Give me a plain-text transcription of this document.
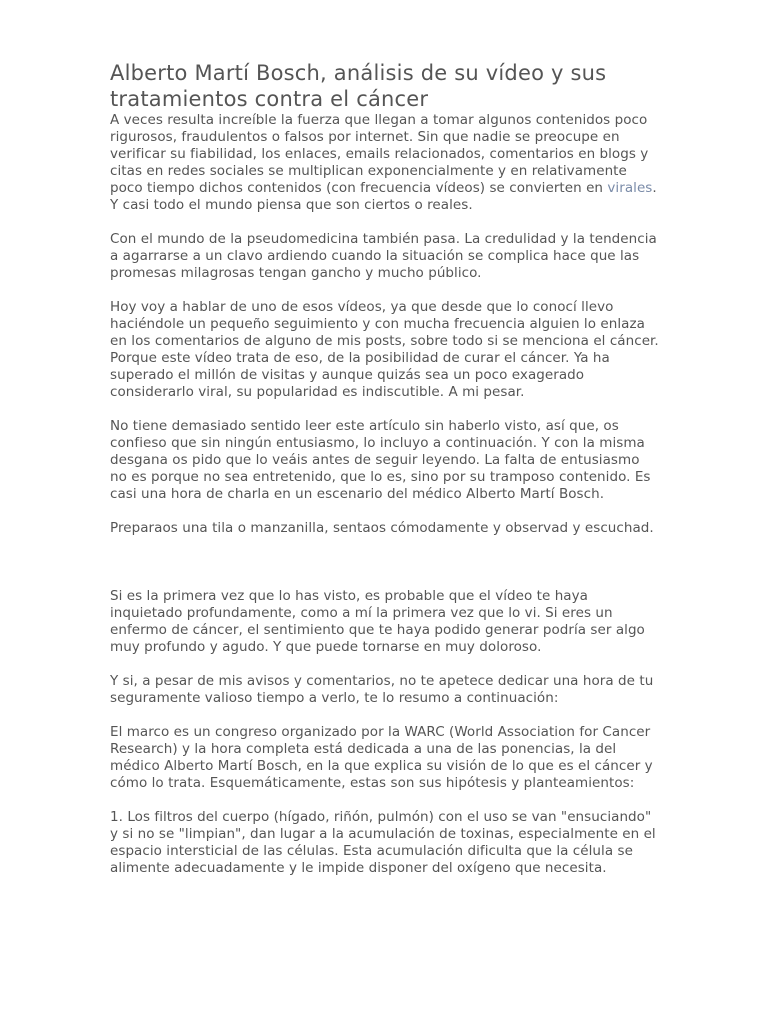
Alberto Martí Bosch, análisis de su vídeo y sus tratamientos contra el cáncer

A veces resulta increíble la fuerza que llegan a tomar algunos contenidos poco rigurosos, fraudulentos o falsos por internet. Sin que nadie se preocupe en verificar su fiabilidad, los enlaces, emails relacionados, comentarios en blogs y citas en redes sociales se multiplican exponencialmente y en relativamente poco tiempo dichos contenidos (con frecuencia vídeos) se convierten en virales. Y casi todo el mundo piensa que son ciertos o reales.

Con el mundo de la pseudomedicina también pasa. La credulidad y la tendencia a agarrarse a un clavo ardiendo cuando la situación se complica hace que las promesas milagrosas tengan gancho y mucho público.

Hoy voy a hablar de uno de esos vídeos, ya que desde que lo conocí llevo haciéndole un pequeño seguimiento y con mucha frecuencia alguien lo enlaza en los comentarios de alguno de mis posts, sobre todo si se menciona el cáncer. Porque este vídeo trata de eso, de la posibilidad de curar el cáncer. Ya ha superado el millón de visitas y aunque quizás sea un poco exagerado considerarlo viral, su popularidad es indiscutible. A mi pesar.

No tiene demasiado sentido leer este artículo sin haberlo visto, así que, os confieso que sin ningún entusiasmo, lo incluyo a continuación. Y con la misma desgana os pido que lo veáis antes de seguir leyendo. La falta de entusiasmo no es porque no sea entretenido, que lo es, sino por su tramposo contenido. Es casi una hora de charla en un escenario del médico Alberto Martí Bosch.

Preparaos una tila o manzanilla, sentaos cómodamente y observad y escuchad.

Si es la primera vez que lo has visto, es probable que el vídeo te haya inquietado profundamente, como a mí la primera vez que lo vi. Si eres un enfermo de cáncer, el sentimiento que te haya podido generar podría ser algo muy profundo y agudo. Y que puede tornarse en muy doloroso.

Y si, a pesar de mis avisos y comentarios, no te apetece dedicar una hora de tu seguramente valioso tiempo a verlo, te lo resumo a continuación:

El marco es un congreso organizado por la WARC (World Association for Cancer Research) y la hora completa está dedicada a una de las ponencias, la del médico Alberto Martí Bosch, en la que explica su visión de lo que es el cáncer y cómo lo trata. Esquemáticamente, estas son sus hipótesis y planteamientos:

1. Los filtros del cuerpo (hígado, riñón, pulmón) con el uso se van "ensuciando" y si no se "limpian", dan lugar a la acumulación de toxinas, especialmente en el espacio intersticial de las células. Esta acumulación dificulta que la célula se alimente adecuadamente y le impide disponer del oxígeno que necesita.
